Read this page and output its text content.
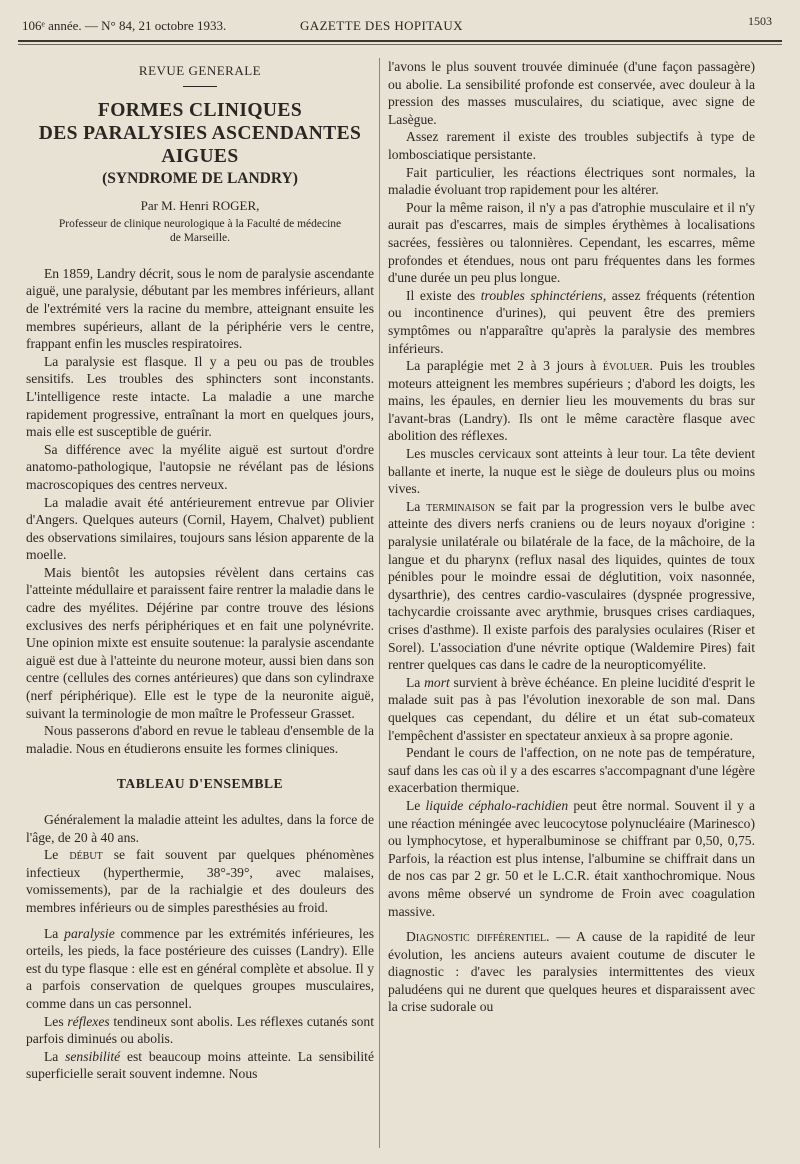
106ᵉ année. — N° 84, 21 octobre 1933.	GAZETTE DES HOPITAUX	1503
REVUE GENERALE
FORMES CLINIQUES
DES PARALYSIES ASCENDANTES AIGUES
(SYNDROME DE LANDRY)
Par M. Henri ROGER,
Professeur de clinique neurologique à la Faculté de médecine
de Marseille.

En 1859, Landry décrit, sous le nom de paralysie ascendante aiguë, une paralysie, débutant par les membres inférieurs, allant de l'extrémité vers la racine du membre, atteignant ensuite les membres supérieurs, allant de la périphérie vers le centre, frappant enfin les muscles respiratoires.

La paralysie est flasque. Il y a peu ou pas de troubles sensitifs. Les troubles des sphincters sont inconstants. L'intelligence reste intacte. La maladie a une marche rapidement progressive, entraînant la mort en quelques jours, mais elle est susceptible de guérir.

Sa différence avec la myélite aiguë est surtout d'ordre anatomo-pathologique, l'autopsie ne révélant pas de lésions macroscopiques des centres nerveux.

La maladie avait été antérieurement entrevue par Olivier d'Angers. Quelques auteurs (Cornil, Hayem, Chalvet) publient des observations similaires, toujours sans lésion apparente de la moelle.

Mais bientôt les autopsies révèlent dans certains cas l'atteinte médullaire et paraissent faire rentrer la maladie dans le cadre des myélites. Déjérine par contre trouve des lésions exclusives des nerfs périphériques et en fait une polynévrite. Une opinion mixte est ensuite soutenue: la paralysie ascendante aiguë est due à l'atteinte du neurone moteur, aussi bien dans son centre (cellules des cornes antérieures) que dans son cylindraxe (nerf périphérique). Elle est le type de la neuronite aiguë, suivant la terminologie de mon maître le Professeur Grasset.

Nous passerons d'abord en revue le tableau d'ensemble de la maladie. Nous en étudierons ensuite les formes cliniques.

TABLEAU D'ENSEMBLE

Généralement la maladie atteint les adultes, dans la force de l'âge, de 20 à 40 ans.

Le début se fait souvent par quelques phénomènes infectieux (hyperthermie, 38°-39°, avec malaises, vomissements), par de la rachialgie et des douleurs des membres inférieurs ou de simples paresthésies au froid.

La paralysie commence par les extrémités inférieures, les orteils, les pieds, la face postérieure des cuisses (Landry). Elle est du type flasque : elle est en général complète et absolue. Il y a parfois conservation de quelques groupes musculaires, comme dans un cas personnel.

Les réflexes tendineux sont abolis. Les réflexes cutanés sont parfois diminués ou abolis.

La sensibilité est beaucoup moins atteinte. La sensibilité superficielle serait souvent indemne. Nous

l'avons le plus souvent trouvée diminuée (d'une façon passagère) ou abolie. La sensibilité profonde est conservée, avec douleur à la pression des masses musculaires, du sciatique, avec signe de Lasègue.

Assez rarement il existe des troubles subjectifs à type de lombosciatique persistante.

Fait particulier, les réactions électriques sont normales, la maladie évoluant trop rapidement pour les altérer.

Pour la même raison, il n'y a pas d'atrophie musculaire et il n'y aurait pas d'escarres, mais de simples érythèmes à localisations sacrées, fessières ou talonnières. Cependant, les escarres, même profondes et étendues, nous ont paru fréquentes dans les formes d'une durée un peu plus longue.

Il existe des troubles sphinctériens, assez fréquents (rétention ou incontinence d'urines), qui peuvent être des premiers symptômes ou n'apparaître qu'après la paralysie des membres inférieurs.

La paraplégie met 2 à 3 jours à évoluer. Puis les troubles moteurs atteignent les membres supérieurs ; d'abord les doigts, les mains, les épaules, en dernier lieu les mouvements du bras sur l'avant-bras (Landry). Ils ont le même caractère flasque avec abolition des réflexes.

Les muscles cervicaux sont atteints à leur tour. La tête devient ballante et inerte, la nuque est le siège de douleurs plus ou moins vives.

La terminaison se fait par la progression vers le bulbe avec atteinte des divers nerfs craniens ou de leurs noyaux d'origine : paralysie unilatérale ou bilatérale de la face, de la mâchoire, de la langue et du pharynx (reflux nasal des liquides, quintes de toux pénibles pour le moindre essai de déglutition, voix nasonnée, dysarthrie), des centres cardio-vasculaires (dyspnée progressive, tachycardie croissante avec arythmie, brusques crises cardiaques, crises d'asthme). Il existe parfois des paralysies oculaires (Riser et Sorel). L'association d'une névrite optique (Waldemire Pires) fait rentrer quelques cas dans le cadre de la neuropticomyélite.

La mort survient à brève échéance. En pleine lucidité d'esprit le malade suit pas à pas l'évolution inexorable de son mal. Dans quelques cas cependant, du délire et un état sub-comateux l'empêchent d'assister en spectateur anxieux à sa propre agonie.

Pendant le cours de l'affection, on ne note pas de température, sauf dans les cas où il y a des escarres s'accompagnant d'une légère exacerbation thermique.

Le liquide céphalo-rachidien peut être normal. Souvent il y a une réaction méningée avec leucocytose polynucléaire (Marinesco) ou lymphocytose, et hyperalbuminose se chiffrant par 0,50, 0,75. Parfois, la réaction est plus intense, l'albumine se chiffrait dans un de nos cas par 2 gr. 50 et le L.C.R. était xanthochromique. Nous avons même observé un syndrome de Froin avec coagulation massive.

Diagnostic différentiel. — A cause de la rapidité de leur évolution, les anciens auteurs avaient coutume de discuter le diagnostic : d'avec les paralysies intermittentes des vieux paludéens qui ne durent que quelques heures et disparaissent avec la crise sudorale ou
